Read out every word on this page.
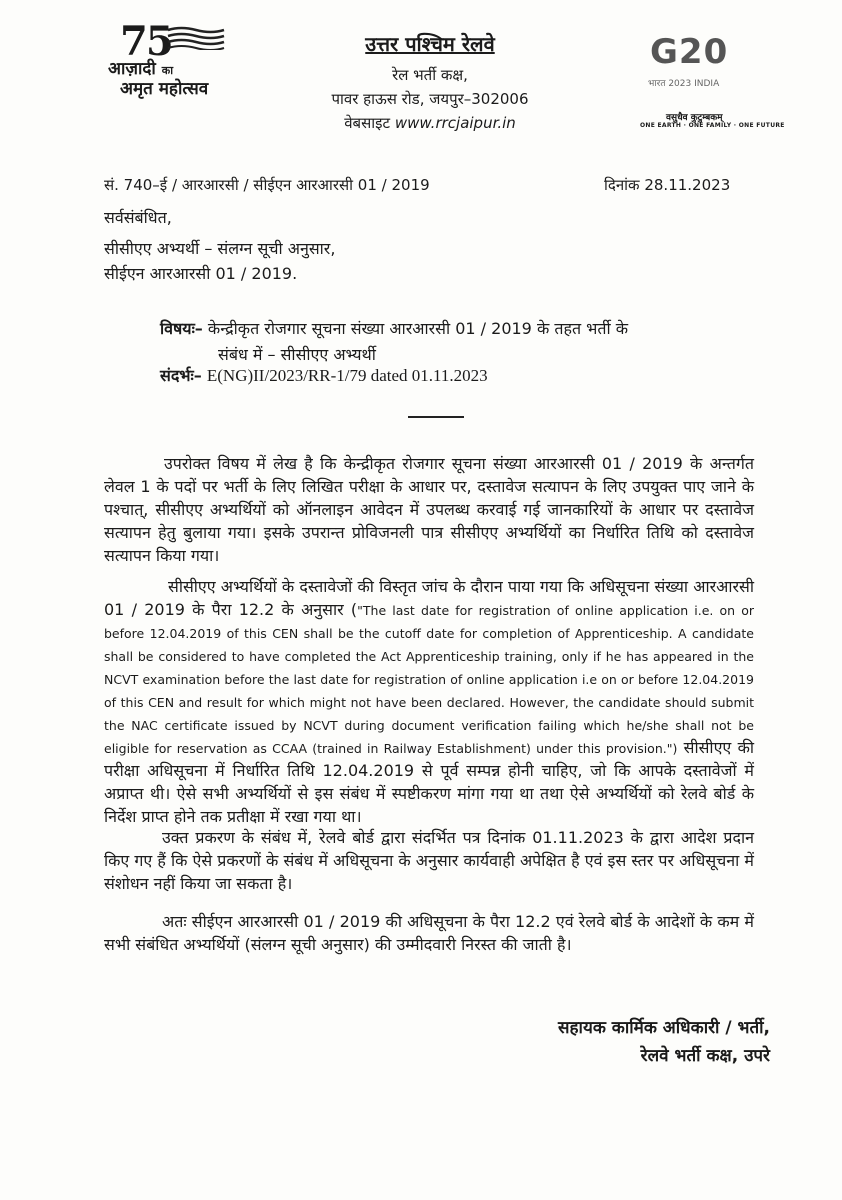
75
आज़ादी का
अमृत महोत्सव
उत्तर पश्चिम रेलवे
रेल भर्ती कक्ष,
पावर हाऊस रोड, जयपुर–302006
वेबसाइट www.rrcjaipur.in
G20
भारत 2023 INDIA
वसुधैव कुटुम्बकम्
ONE EARTH · ONE FAMILY · ONE FUTURE
सं. 740–ई / आरआरसी / सीईएन आरआरसी 01 / 2019	दिनांक 28.11.2023
सर्वसंबंधित,
सीसीएए अभ्यर्थी – संलग्न सूची अनुसार,
सीईएन आरआरसी 01 / 2019.
विषयः– केन्द्रीकृत रोजगार सूचना संख्या आरआरसी 01 / 2019 के तहत भर्ती के
संबंध में – सीसीएए अभ्यर्थी
संदर्भः– E(NG)II/2023/RR-1/79 dated 01.11.2023
उपरोक्त विषय में लेख है कि केन्द्रीकृत रोजगार सूचना संख्या आरआरसी 01 / 2019 के अन्तर्गत लेवल 1 के पदों पर भर्ती के लिए लिखित परीक्षा के आधार पर, दस्तावेज सत्यापन के लिए उपयुक्त पाए जाने के पश्चात्, सीसीएए अभ्यर्थियों को ऑनलाइन आवेदन में उपलब्ध करवाई गई जानकारियों के आधार पर दस्तावेज सत्यापन हेतु बुलाया गया। इसके उपरान्त प्रोविजनली पात्र सीसीएए अभ्यर्थियों का निर्धारित तिथि को दस्तावेज सत्यापन किया गया।
सीसीएए अभ्यर्थियों के दस्तावेजों की विस्तृत जांच के दौरान पाया गया कि अधिसूचना संख्या आरआरसी 01 / 2019 के पैरा 12.2 के अनुसार ("The last date for registration of online application i.e. on or before 12.04.2019 of this CEN shall be the cutoff date for completion of Apprenticeship. A candidate shall be considered to have completed the Act Apprenticeship training, only if he has appeared in the NCVT examination before the last date for registration of online application i.e on or before 12.04.2019 of this CEN and result for which might not have been declared. However, the candidate should submit the NAC certificate issued by NCVT during document verification failing which he/she shall not be eligible for reservation as CCAA (trained in Railway Establishment) under this provision.") सीसीएए की परीक्षा अधिसूचना में निर्धारित तिथि 12.04.2019 से पूर्व सम्पन्न होनी चाहिए, जो कि आपके दस्तावेजों में अप्राप्त थी। ऐसे सभी अभ्यर्थियों से इस संबंध में स्पष्टीकरण मांगा गया था तथा ऐसे अभ्यर्थियों को रेलवे बोर्ड के निर्देश प्राप्त होने तक प्रतीक्षा में रखा गया था।
उक्त प्रकरण के संबंध में, रेलवे बोर्ड द्वारा संदर्भित पत्र दिनांक 01.11.2023 के द्वारा आदेश प्रदान किए गए हैं कि ऐसे प्रकरणों के संबंध में अधिसूचना के अनुसार कार्यवाही अपेक्षित है एवं इस स्तर पर अधिसूचना में संशोधन नहीं किया जा सकता है।
अतः सीईएन आरआरसी 01 / 2019 की अधिसूचना के पैरा 12.2 एवं रेलवे बोर्ड के आदेशों के कम में सभी संबंधित अभ्यर्थियों (संलग्न सूची अनुसार) की उम्मीदवारी निरस्त की जाती है।
सहायक कार्मिक अधिकारी / भर्ती,
रेलवे भर्ती कक्ष, उपरे
